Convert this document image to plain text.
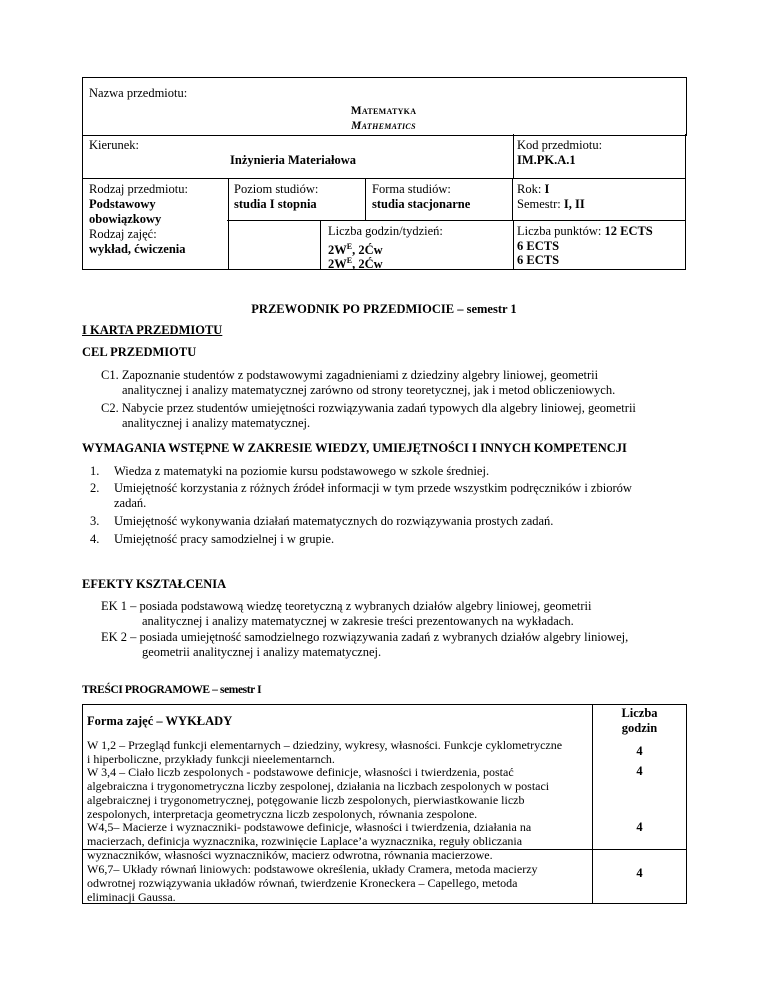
Nazwa przedmiotu:
Matematyka
Mathematics
Kierunek:
Inżynieria Materiałowa
Kod przedmiotu:
IM.PK.A.1
Rodzaj przedmiotu:
Podstawowy
obowiązkowy
Rodzaj zajęć:
wykład, ćwiczenia
Poziom studiów:
studia I stopnia
Forma studiów:
studia stacjonarne
Rok: I
Semestr: I, II
Liczba godzin/tydzień:
$2W^E$, 2Ćw
$2W^E$, 2Ćw
Liczba punktów: 12 ECTS
6 ECTS
6 ECTS
PRZEWODNIK PO PRZEDMIOCIE – semestr 1
I KARTA PRZEDMIOTU
CEL PRZEDMIOTU
C1. Zapoznanie studentów z podstawowymi zagadnieniami z dziedziny algebry liniowej, geometrii
analitycznej i analizy matematycznej zarówno od strony teoretycznej, jak i metod obliczeniowych.
C2. Nabycie przez studentów umiejętności rozwiązywania zadań typowych dla algebry liniowej, geometrii
analitycznej i analizy matematycznej.
WYMAGANIA WSTĘPNE W ZAKRESIE WIEDZY, UMIEJĘTNOŚCI I INNYCH KOMPETENCJI
1. Wiedza z matematyki na poziomie kursu podstawowego w szkole średniej.
2. Umiejętność korzystania z różnych źródeł informacji w tym przede wszystkim podręczników i zbiorów
zadań.
3. Umiejętność wykonywania działań matematycznych do rozwiązywania prostych zadań.
4. Umiejętność pracy samodzielnej i w grupie.
EFEKTY KSZTAŁCENIA
EK 1 – posiada podstawową wiedzę teoretyczną z wybranych działów algebry liniowej, geometrii
analitycznej i analizy matematycznej w zakresie treści prezentowanych na wykładach.
EK 2 – posiada umiejętność samodzielnego rozwiązywania zadań z wybranych działów algebry liniowej,
geometrii analitycznej i analizy matematycznej.
TREŚCI PROGRAMOWE – semestr I
Forma zajęć – WYKŁADY
Liczba
godzin
W 1,2 – Przegląd funkcji elementarnych – dziedziny, wykresy, własności. Funkcje cyklometryczne
i hiperboliczne, przykłady funkcji nieelementarnch.
4
W 3,4 – Ciało liczb zespolonych - podstawowe definicje, własności i twierdzenia, postać
algebraiczna i trygonometryczna liczby zespolonej, działania na liczbach zespolonych w postaci
algebraicznej i trygonometrycznej, potęgowanie liczb zespolonych, pierwiastkowanie liczb
zespolonych, interpretacja geometryczna liczb zespolonych, równania zespolone.
4
W4,5– Macierze i wyznaczniki- podstawowe definicje, własności i twierdzenia, działania na
macierzach, definicja wyznacznika, rozwinięcie Laplace’a wyznacznika, reguły obliczania
wyznaczników, własności wyznaczników, macierz odwrotna, równania macierzowe.
4
W6,7– Układy równań liniowych: podstawowe określenia, układy Cramera, metoda macierzy
odwrotnej rozwiązywania układów równań, twierdzenie Kroneckera – Capellego, metoda
eliminacji Gaussa.
4
